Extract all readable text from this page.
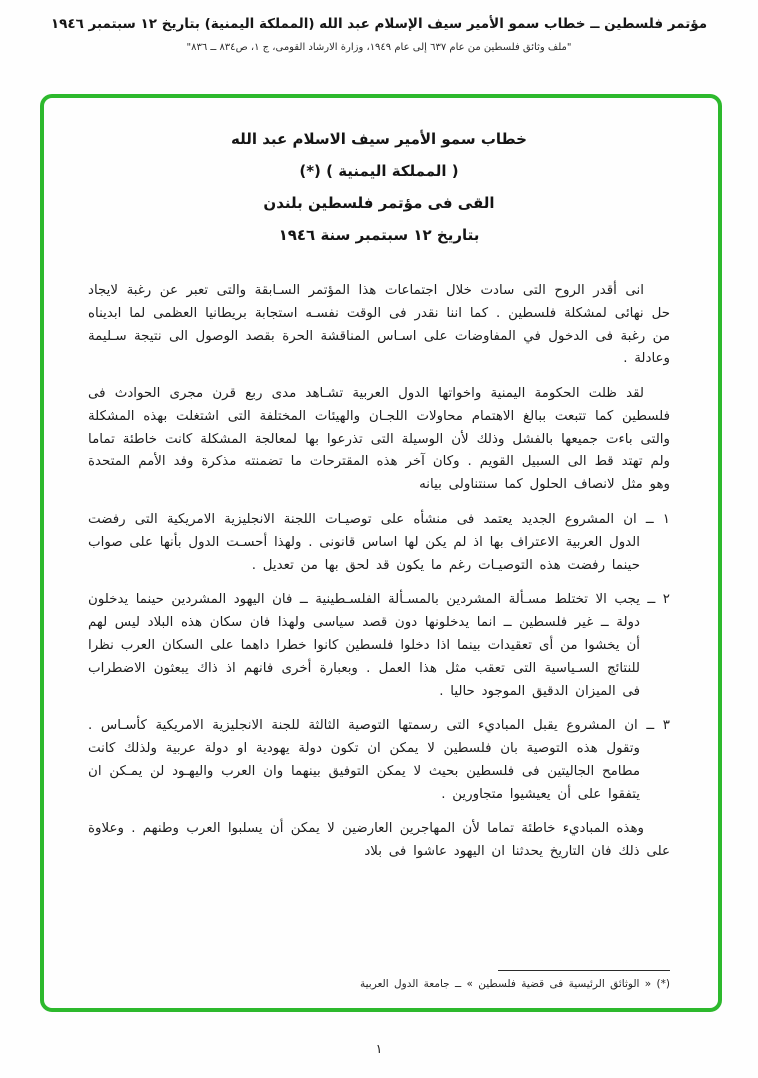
مؤتمر فلسطين ــ خطاب سمو الأمير سيف الإسلام عبد الله (المملكة اليمنية) بتاريخ ١٢ سبتمبر ١٩٤٦
"ملف وثائق فلسطين من عام ٦٣٧ إلى عام ١٩٤٩، وزارة الارشاد القومى، ج ١، ص٨٣٤ ــ ٨٣٦"
خطاب سمو الأمير سيف الاسلام عبد الله
( المملكة اليمنية ) (*)
القى فى مؤتمر فلسطين بلندن
بتاريخ ١٢ سبتمبر سنة ١٩٤٦

انى أقدر الروح التى سادت خلال اجتماعات هذا المؤتمر السـابقة والتى تعبر عن رغبة لايجاد حل نهائى لمشكلة فلسطين . كما اننا نقدر فى الوقت نفسـه استجابة بريطانيا العظمى لما ابديناه من رغبة فى الدخول في المفاوضات على اسـاس المناقشة الحرة بقصد الوصول الى نتيجة سـليمة وعادلة .

لقد ظلت الحكومة اليمنية واخواتها الدول العربية تشـاهد مدى ربع قرن مجرى الحوادث فى فلسطين كما تتبعت ببالغ الاهتمام محاولات اللجـان والهيئات المختلفة التى اشتغلت بهذه المشكلة والتى باءت جميعها بالفشل وذلك لأن الوسيلة التى تذرعوا بها لمعالجة المشكلة كانت خاطئة تماما ولم تهتد قط الى السبيل القويم . وكان آخر هذه المقترحات ما تضمنته مذكرة وفد الأمم المتحدة وهو مثل لانصاف الحلول كما سنتناولى بيانه

١ ــ ان المشروع الجديد يعتمد فى منشأه على توصيـات اللجنة الانجليزية الامريكية التى رفضت الدول العربية الاعتراف بها اذ لم يكن لها اساس قانونى . ولهذا أحسـت الدول بأنها على صواب حينما رفضت هذه التوصيـات رغم ما يكون قد لحق بها من تعديل .

٢ ــ يجب الا تختلط مسـألة المشردين بالمسـألة الفلسـطينية ــ فان اليهود المشردين حينما يدخلون دولة ــ غير فلسطين ــ انما يدخلونها دون قصد سياسى ولهذا فان سكان هذه البلاد ليس لهم أن يخشوا من أى تعقيدات بينما اذا دخلوا فلسطين كانوا خطرا داهما على السكان العرب نظرا للنتائج السـياسية التى تعقب مثل هذا العمل . وبعبارة أخرى فانهم اذ ذاك يبعثون الاضطراب فى الميزان الدقيق الموجود حاليا .

٣ ــ ان المشروع يقبل المباديء التى رسمتها التوصية الثالثة للجنة الانجليزية الامريكية كأسـاس . وتقول هذه التوصية بان فلسطين لا يمكن ان تكون دولة يهودية او دولة عربية ولذلك كانت مطامح الجاليتين فى فلسطين بحيث لا يمكن التوفيق بينهما وان العرب واليهـود لن يمـكن ان يتفقوا على أن يعيشيوا متجاورين .

وهذه المباديء خاطئة تماما لأن المهاجرين العارضين لا يمكن أن يسلبوا العرب وطنهم . وعلاوة على ذلك فان التاريخ يحدثنا ان اليهود عاشوا فى بلاد

(*) « الوثائق الرئيسية فى قضية فلسطين » ــ جامعة الدول العربية
١
